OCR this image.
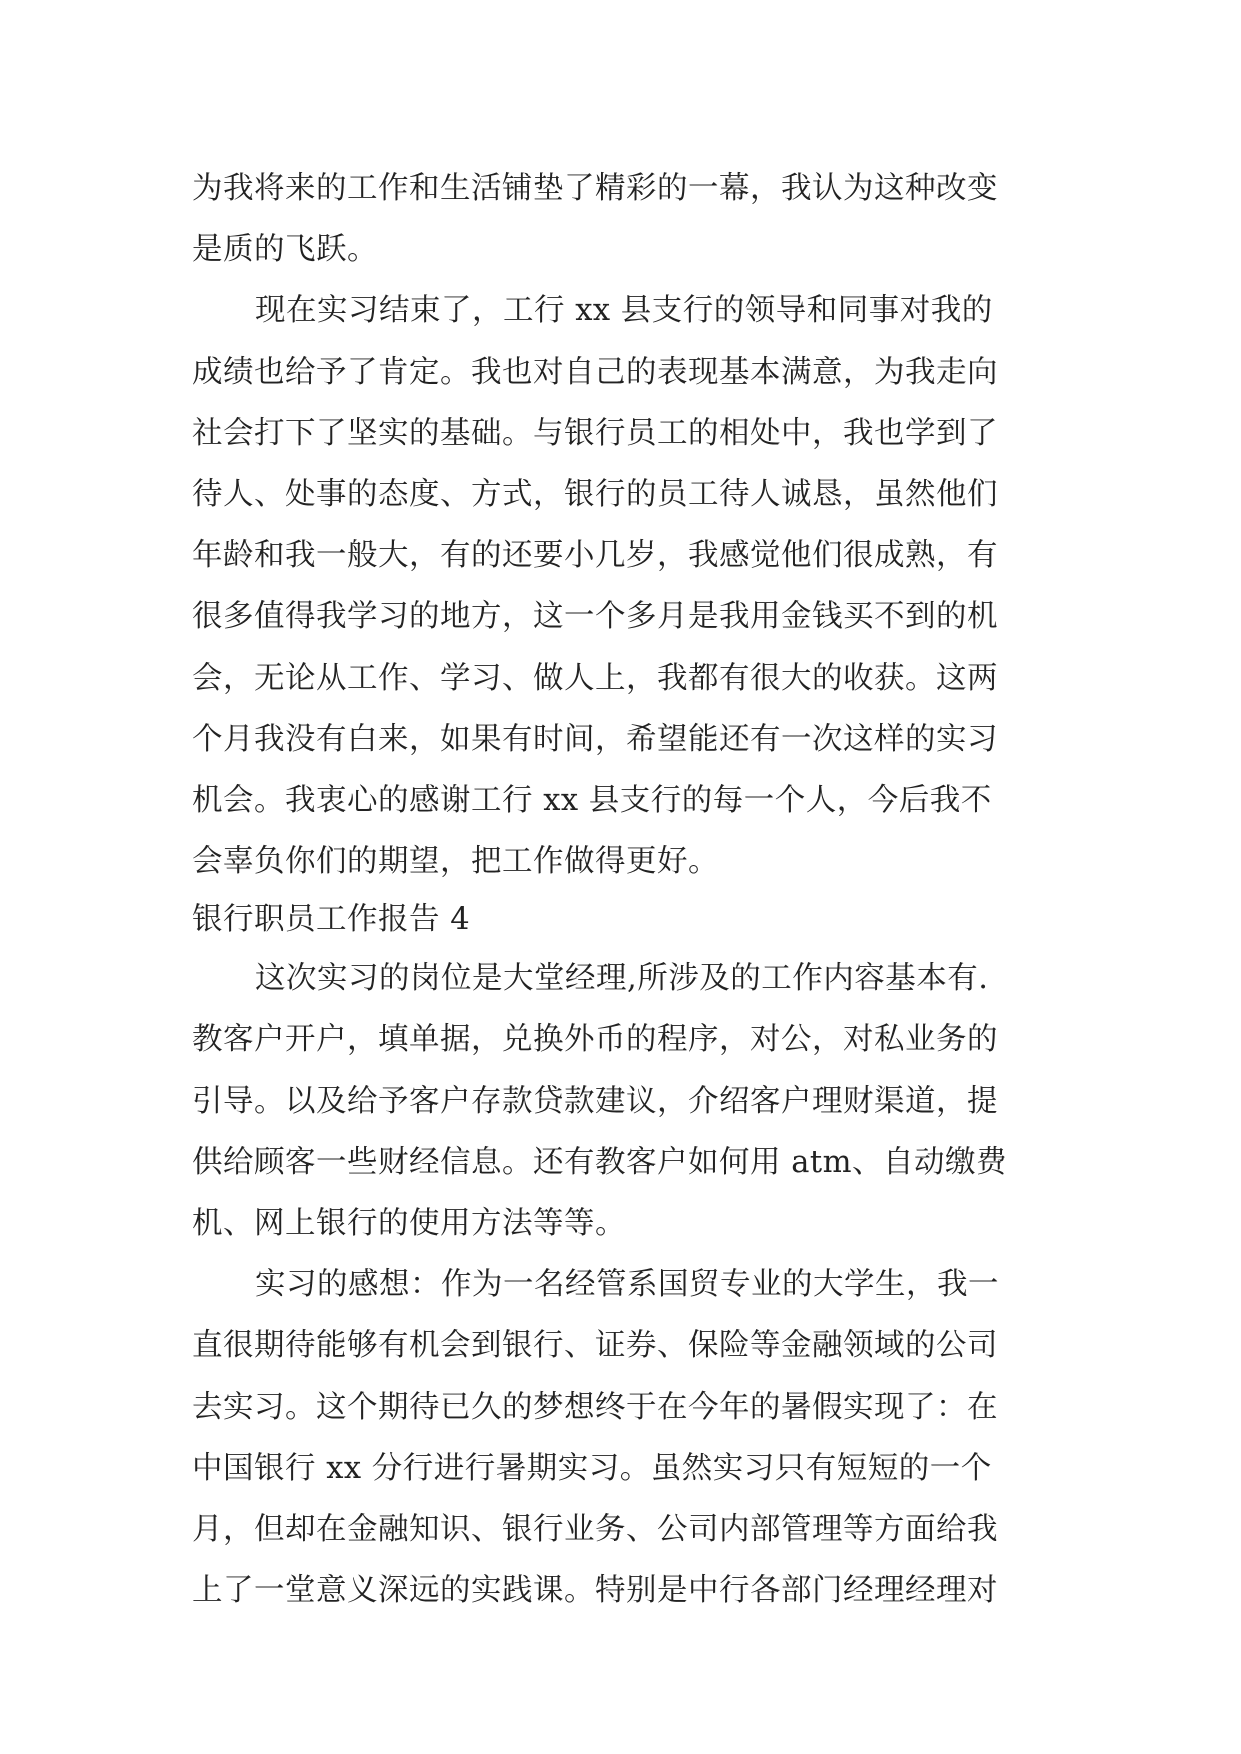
为我将来的工作和生活铺垫了精彩的一幕，我认为这种改变
是质的飞跃。
现在实习结束了，工行 xx 县支行的领导和同事对我的
成绩也给予了肯定。我也对自己的表现基本满意，为我走向
社会打下了坚实的基础。与银行员工的相处中，我也学到了
待人、处事的态度、方式，银行的员工待人诚恳，虽然他们
年龄和我一般大，有的还要小几岁，我感觉他们很成熟，有
很多值得我学习的地方，这一个多月是我用金钱买不到的机
会，无论从工作、学习、做人上，我都有很大的收获。这两
个月我没有白来，如果有时间，希望能还有一次这样的实习
机会。我衷心的感谢工行 xx 县支行的每一个人，今后我不
会辜负你们的期望，把工作做得更好。
银行职员工作报告 4
这次实习的岗位是大堂经理,所涉及的工作内容基本有.
教客户开户，填单据，兑换外币的程序，对公，对私业务的
引导。以及给予客户存款贷款建议，介绍客户理财渠道，提
供给顾客一些财经信息。还有教客户如何用 atm、自动缴费
机、网上银行的使用方法等等。
实习的感想：作为一名经管系国贸专业的大学生，我一
直很期待能够有机会到银行、证券、保险等金融领域的公司
去实习。这个期待已久的梦想终于在今年的暑假实现了：在
中国银行 xx 分行进行暑期实习。虽然实习只有短短的一个
月，但却在金融知识、银行业务、公司内部管理等方面给我
上了一堂意义深远的实践课。特别是中行各部门经理经理对
